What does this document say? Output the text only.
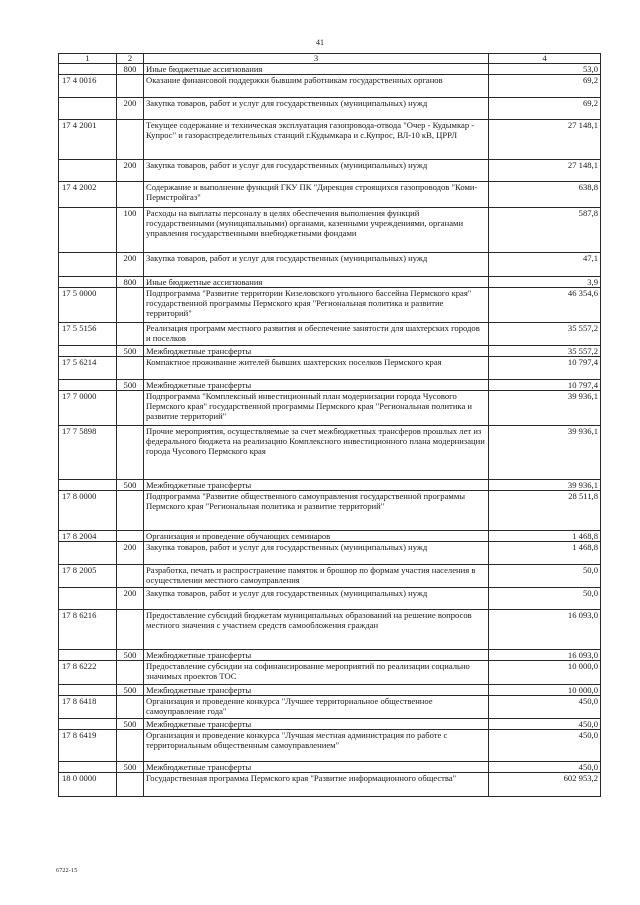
41
1	2	3	4
	800	Иные бюджетные ассигнования	53,0
17 4 0016		Оказание финансовой поддержки бывшим работникам государственных органов	69,2
	200	Закупка товаров, работ и услуг для государственных (муниципальных) нужд	69,2
17 4 2001		Текущее содержание и техническая эксплуатация газопровода-отвода "Очер - Кудымкар - Купрос" и газораспределительных станций г.Кудымкара и с.Купрос, ВЛ-10 кВ, ЦРРЛ	27 148,1
	200	Закупка товаров, работ и услуг для государственных (муниципальных) нужд	27 148,1
17 4 2002		Содержание и выполнение функций ГКУ ПК "Дирекция строящихся газопроводов "Коми-Пермстройгаз"	638,8
	100	Расходы на выплаты персоналу в целях обеспечения выполнения функций государственными (муниципальными) органами, казенными учреждениями, органами управления государственными внебюджетными фондами	587,8
	200	Закупка товаров, работ и услуг для государственных (муниципальных) нужд	47,1
	800	Иные бюджетные ассигнования	3,9
17 5 0000		Подпрограмма "Развитие территории Кизеловского угольного бассейна Пермского края" государственной программы Пермского края "Региональная политика и развитие территорий"	46 354,6
17 5 5156		Реализация программ местного развития и обеспечение занятости для шахтерских городов и поселков	35 557,2
	500	Межбюджетные трансферты	35 557,2
17 5 6214		Компактное проживание жителей бывших шахтерских поселков Пермского края	10 797,4
	500	Межбюджетные трансферты	10 797,4
17 7 0000		Подпрограмма "Комплексный инвестиционный план модернизации города Чусового Пермского края" государственной программы Пермского края "Региональная политика и развитие территорий"	39 936,1
17 7 5898		Прочие мероприятия, осуществляемые за счет межбюджетных трансферов прошлых лет из федерального бюджета на реализацию Комплексного инвестиционного плана модернизации города Чусового Пермского края	39 936,1
	500	Межбюджетные трансферты	39 936,1
17 8 0000		Подпрограмма "Развитие общественного самоуправления государственной программы Пермского края "Региональная политика и развитие территорий"	28 511,8
17 8 2004		Организация и проведение обучающих семинаров	1 468,8
	200	Закупка товаров, работ и услуг для государственных (муниципальных) нужд	1 468,8
17 8 2005		Разработка, печать и распространение памяток и брошюр по формам участия населения в осуществлении местного самоуправления	50,0
	200	Закупка товаров, работ и услуг для государственных (муниципальных) нужд	50,0
17 8 6216		Предоставление субсидий бюджетам муниципальных образований на решение вопросов местного значения с участием средств самообложения граждан	16 093,0
	500	Межбюджетные трансферты	16 093,0
17 8 6222		Предоставление субсидии на софинансирование мероприятий по реализации социально значимых проектов ТОС	10 000,0
	500	Межбюджетные трансферты	10 000,0
17 8 6418		Организация и проведение конкурса "Лучшее территориальное общественное самоуправление года"	450,0
	500	Межбюджетные трансферты	450,0
17 8 6419		Организация и проведение конкурса "Лучшая местная администрация по работе с территориальным общественным самоуправлением"	450,0
	500	Межбюджетные трансферты	450,0
18 0 0000		Государственная программа Пермского края "Развитие информационного общества"	602 953,2
6722-15
